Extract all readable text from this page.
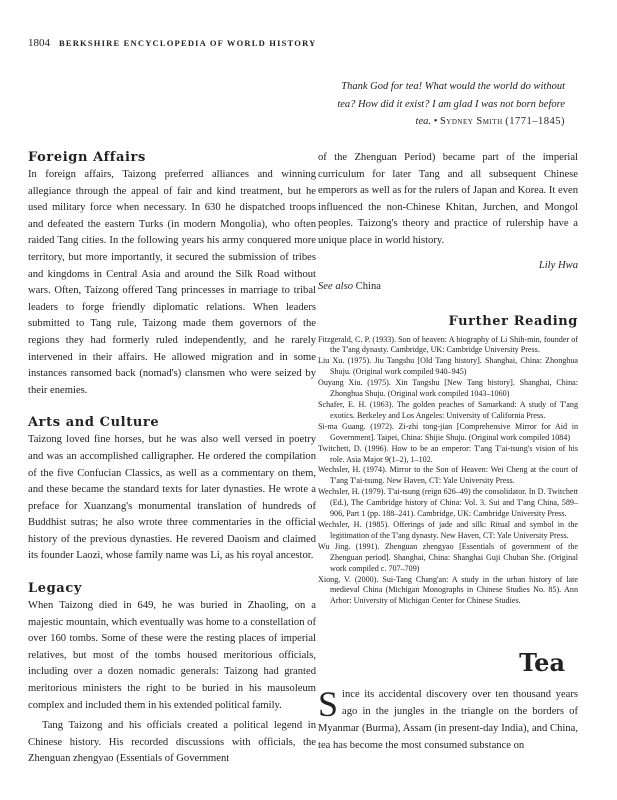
1804 BERKSHIRE ENCYCLOPEDIA OF WORLD HISTORY
Thank God for tea! What would the world do without tea? How did it exist? I am glad I was not born before tea. • Sydney Smith (1771–1845)
Foreign Affairs

In foreign affairs, Taizong preferred alliances and winning allegiance through the appeal of fair and kind treatment, but he used military force when necessary. In 630 he dispatched troops and defeated the eastern Turks (in modern Mongolia), who often raided Tang cities. In the following years his army conquered more territory, but more importantly, it secured the submission of tribes and kingdoms in Central Asia and around the Silk Road without wars. Often, Taizong offered Tang princesses in marriage to tribal leaders to forge friendly diplomatic relations. When leaders submitted to Tang rule, Taizong made them governors of the regions they had formerly ruled independently, and he rarely intervened in their affairs. He allowed migration and in some instances ransomed back (nomad's) clansmen who were seized by their enemies.

Arts and Culture

Taizong loved fine horses, but he was also well versed in poetry and was an accomplished calligrapher. He ordered the compilation of the five Confucian Classics, as well as a commentary on them, and these became the standard texts for later dynasties. He wrote a preface for Xuanzang's monumental translation of hundreds of Buddhist sutras; he also wrote three commentaries in the official history of the previous dynasties. He revered Daoism and claimed its founder Laozi, whose family name was Li, as his royal ancestor.

Legacy

When Taizong died in 649, he was buried in Zhaoling, on a majestic mountain, which eventually was home to a constellation of over 160 tombs. Some of these were the resting places of imperial relatives, but most of the tombs housed meritorious officials, including over a dozen nomadic generals: Taizong had granted meritorious ministers the right to be buried in his mausoleum complex and included them in his extended political family.

Tang Taizong and his officials created a political legend in Chinese history. His recorded discussions with officials, the Zhenguan zhengyao (Essentials of Government

of the Zhenguan Period) became part of the imperial curriculum for later Tang and all subsequent Chinese emperors as well as for the rulers of Japan and Korea. It even influenced the non-Chinese Khitan, Jurchen, and Mongol peoples. Taizong's theory and practice of rulership have a unique place in world history.

Lily Hwa

See also China

Further Reading
Fitzgerald, C. P. (1933). Son of heaven: A biography of Li Shih-min, founder of the T'ang dynasty. Cambridge, UK: Cambridge University Press.
Liu Xu. (1975). Jiu Tangshu [Old Tang history]. Shanghai, China: Zhonghua Shuju. (Original work compiled 940–945)
Ouyang Xiu. (1975). Xin Tangshu [New Tang history]. Shanghai, China: Zhonghua Shuju. (Original work compiled 1043–1060)
Schafer, E. H. (1963). The golden peaches of Samarkand: A study of T'ang exotics. Berkeley and Los Angeles: University of California Press.
Si-ma Guang. (1972). Zi-zhi tong-jian [Comprehensive Mirror for Aid in Government]. Taipei, China: Shijie Shuju. (Original work compiled 1084)
Twitchett, D. (1996). How to be an emperor: T'ang T'ai-tsung's vision of his role. Asia Major 9(1–2), 1–102.
Wechsler, H. (1974). Mirror to the Son of Heaven: Wei Cheng at the court of T'ang T'ai-tsung. New Haven, CT: Yale University Press.
Wechsler, H. (1979). T'ai-tsung (reign 626–49) the consolidator. In D. Twitchett (Ed.), The Cambridge history of China: Vol. 3. Sui and T'ang China, 589–906, Part 1 (pp. 188–241). Cambridge, UK: Cambridge University Press.
Wechsler, H. (1985). Offerings of jade and silk: Ritual and symbol in the legitimation of the T'ang dynasty. New Haven, CT: Yale University Press.
Wu Jing. (1991). Zhenguan zhengyao [Essentials of government of the Zhenguan period]. Shanghai, China: Shanghai Guji Chuban She. (Original work compiled c. 707–709)
Xiong, V. (2000). Sui-Tang Chang'an: A study in the urban history of late medieval China (Michigan Monographs in Chinese Studies No. 85). Ann Arbor: University of Michigan Center for Chinese Studies.
Tea
S ince its accidental discovery over ten thousand years ago in the jungles in the triangle on the borders of Myanmar (Burma), Assam (in present-day India), and China, tea has become the most consumed substance on
